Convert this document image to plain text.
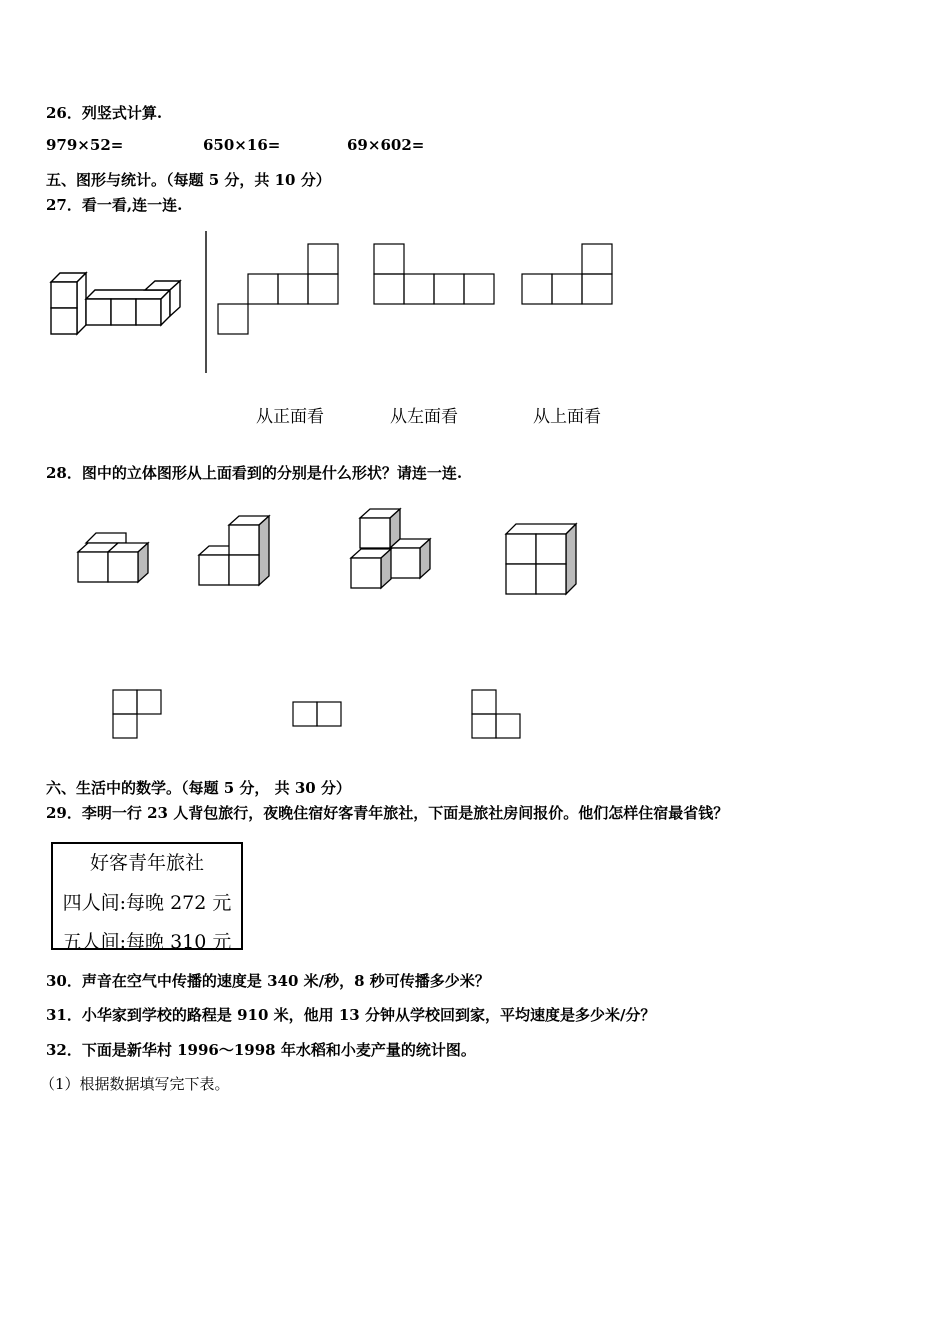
26．列竖式计算.
979×52=	650×16=	69×602=
五、图形与统计。（每题 5 分，共 10 分）
27．看一看,连一连.
从正面看	从左面看	从上面看
28．图中的立体图形从上面看到的分别是什么形状？请连一连.
六、生活中的数学。（每题 5 分， 共 30 分）
29．李明一行 23 人背包旅行，夜晚住宿好客青年旅社，下面是旅社房间报价。他们怎样住宿最省钱？
好客青年旅社
四人间:每晚 272 元
五人间:每晚 310 元
30．声音在空气中传播的速度是 340 米/秒，8 秒可传播多少米？
31．小华家到学校的路程是 910 米，他用 13 分钟从学校回到家，平均速度是多少米/分？
32．下面是新华村 1996～1998 年水稻和小麦产量的统计图。
（1）根据数据填写完下表。
